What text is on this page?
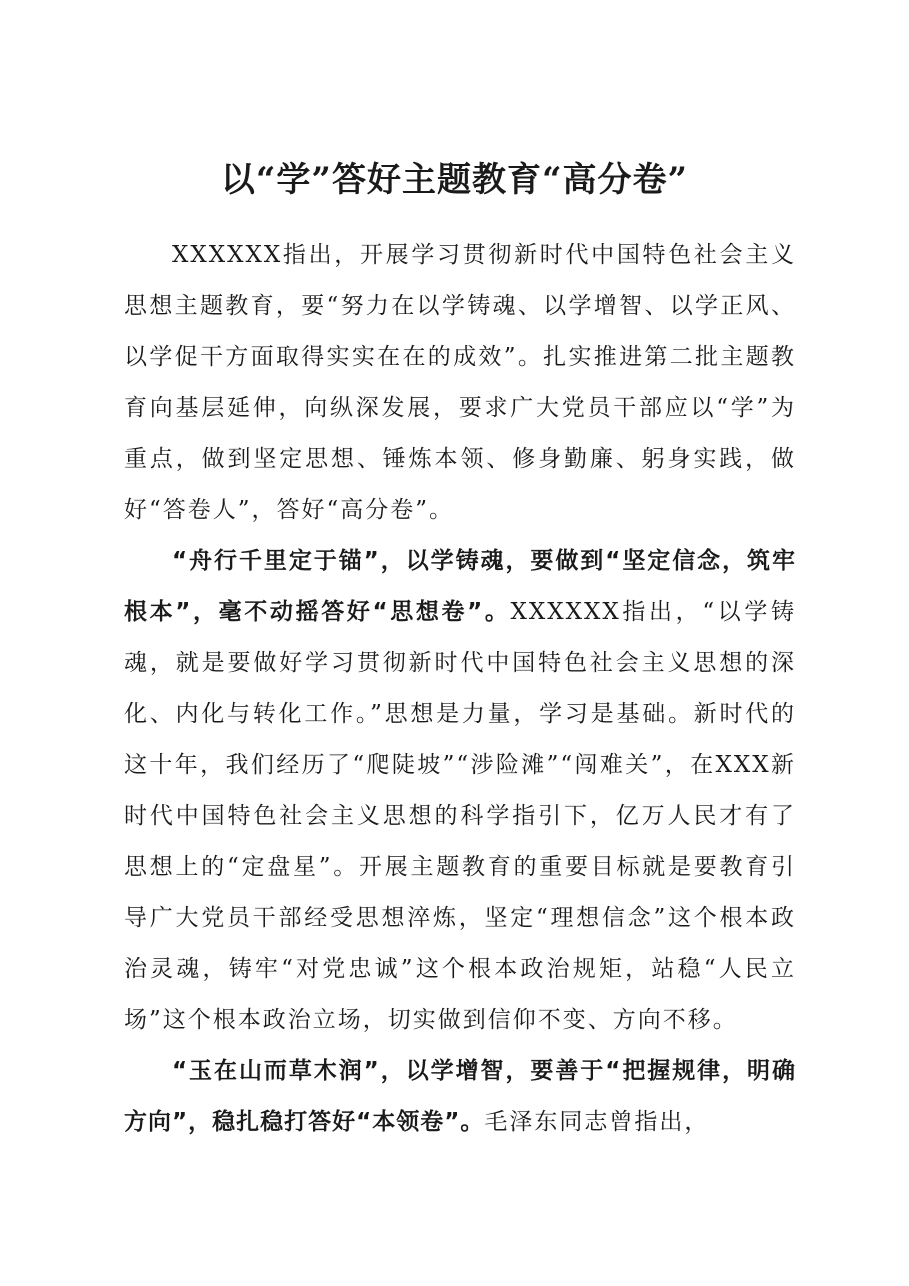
以“学”答好主题教育“高分卷”

XXXXXX指出，开展学习贯彻新时代中国特色社会主义思想主题教育，要“努力在以学铸魂、以学增智、以学正风、以学促干方面取得实实在在的成效”。扎实推进第二批主题教育向基层延伸，向纵深发展，要求广大党员干部应以“学”为重点，做到坚定思想、锤炼本领、修身勤廉、躬身实践，做好“答卷人”，答好“高分卷”。

“舟行千里定于锚”，以学铸魂，要做到“坚定信念，筑牢根本”，毫不动摇答好“思想卷”。XXXXXX指出，“以学铸魂，就是要做好学习贯彻新时代中国特色社会主义思想的深化、内化与转化工作。”思想是力量，学习是基础。新时代的这十年，我们经历了“爬陡坡”“涉险滩”“闯难关”，在XXX新时代中国特色社会主义思想的科学指引下，亿万人民才有了思想上的“定盘星”。开展主题教育的重要目标就是要教育引导广大党员干部经受思想淬炼，坚定“理想信念”这个根本政治灵魂，铸牢“对党忠诚”这个根本政治规矩，站稳“人民立场”这个根本政治立场，切实做到信仰不变、方向不移。

“玉在山而草木润”，以学增智，要善于“把握规律，明确方向”，稳扎稳打答好“本领卷”。毛泽东同志曾指出，
